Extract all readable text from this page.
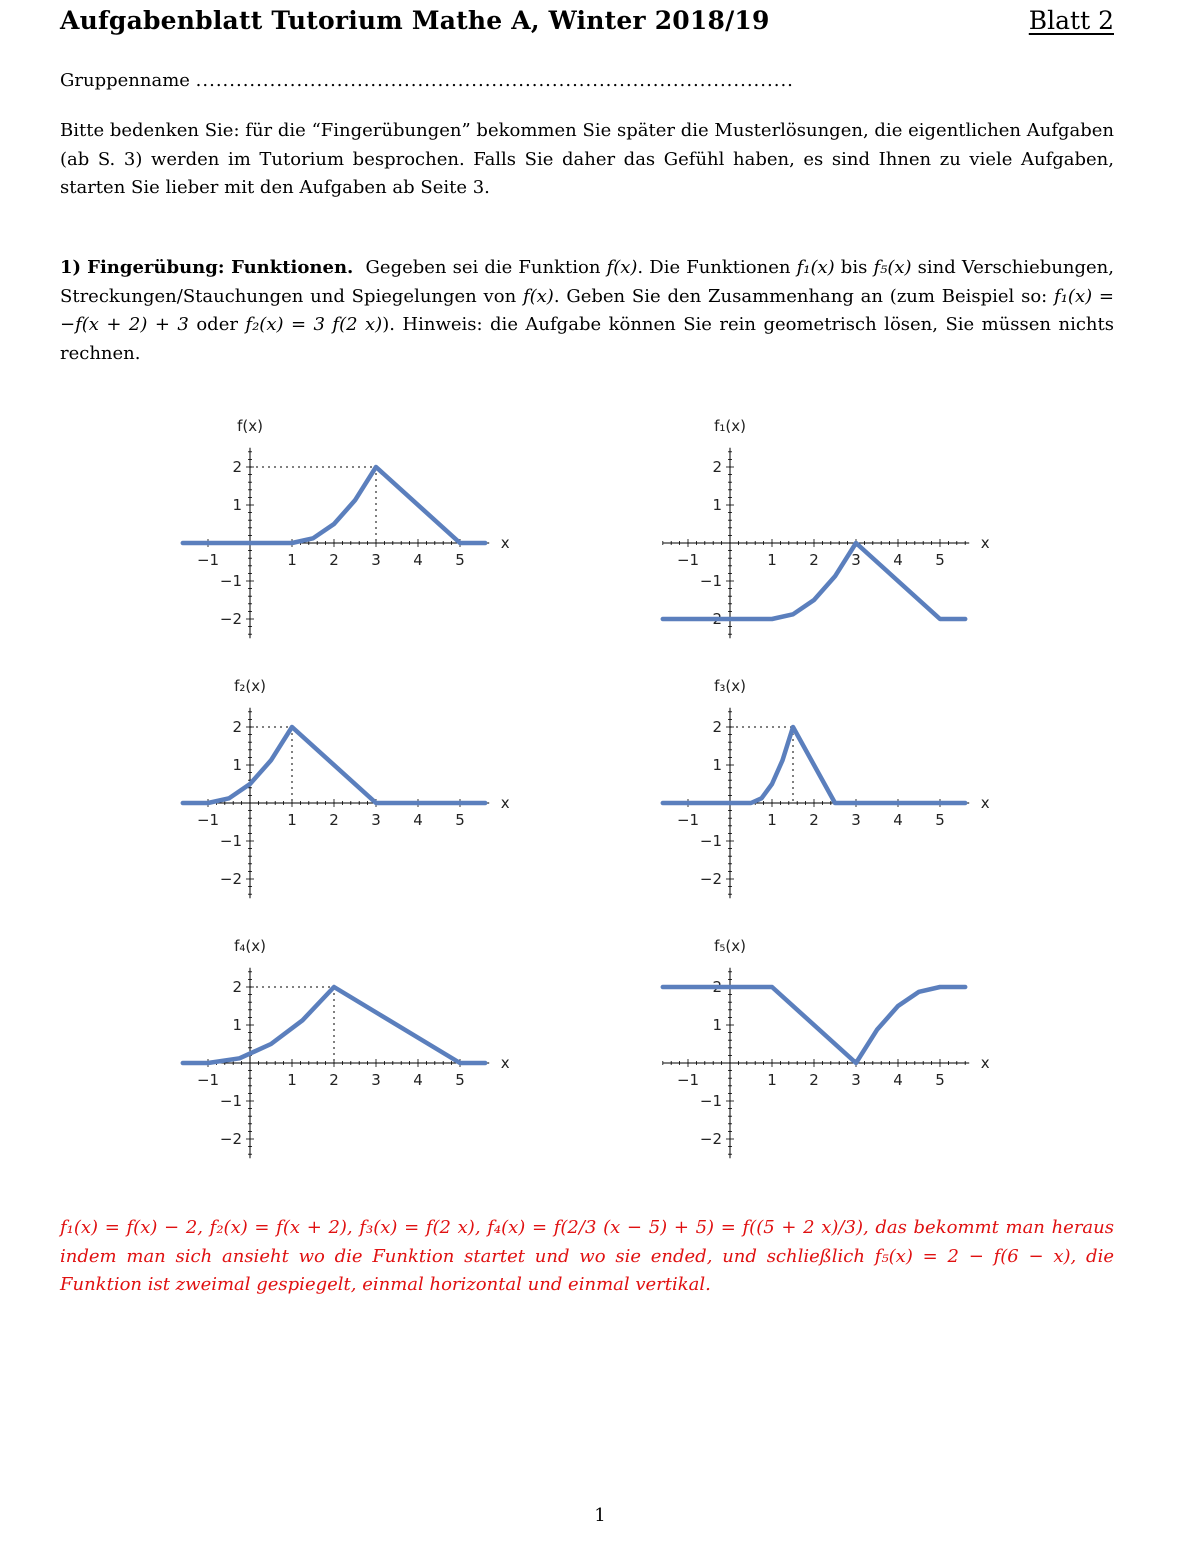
Aufgabenblatt Tutorium Mathe A, Winter 2018/19	Blatt 2
Gruppenname .........................................................................................
Bitte bedenken Sie: für die “Fingerübungen” bekommen Sie später die Musterlösungen, die eigentlichen Aufgaben (ab S. 3) werden im Tutorium besprochen. Falls Sie daher das Gefühl haben, es sind Ihnen zu viele Aufgaben, starten Sie lieber mit den Aufgaben ab Seite 3.
1) Fingerübung: Funktionen. Gegeben sei die Funktion f(x). Die Funktionen f₁(x) bis f₅(x) sind Verschiebungen, Streckungen/Stauchungen und Spiegelungen von f(x). Geben Sie den Zusammenhang an (zum Beispiel so: f₁(x) = −f(x + 2) + 3 oder f₂(x) = 3 f(2 x)). Hinweis: die Aufgabe können Sie rein geometrisch lösen, Sie müssen nichts rechnen.
−1	1 2 3 4 5
2
1
−1
−2
x
f(x)
−1	1 2 3 4 5
2
1
−1
−2
x
f₁(x)
−1	1 2 3 4 5
2
1
−1
−2
x
f₂(x)
−1	1 2 3 4 5
2
1
−1
−2
x
f₃(x)
−1	1 2 3 4 5
2
1
−1
−2
x
f₄(x)
−1	1 2 3 4 5
2
1
−1
−2
x
f₅(x)
f₁(x) = f(x) − 2, f₂(x) = f(x + 2), f₃(x) = f(2 x), f₄(x) = f(2/3 (x − 5) + 5) = f((5 + 2 x)/3), das bekommt man heraus indem man sich ansieht wo die Funktion startet und wo sie ended, und schließlich f₅(x) = 2 − f(6 − x), die Funktion ist zweimal gespiegelt, einmal horizontal und einmal vertikal.
1
